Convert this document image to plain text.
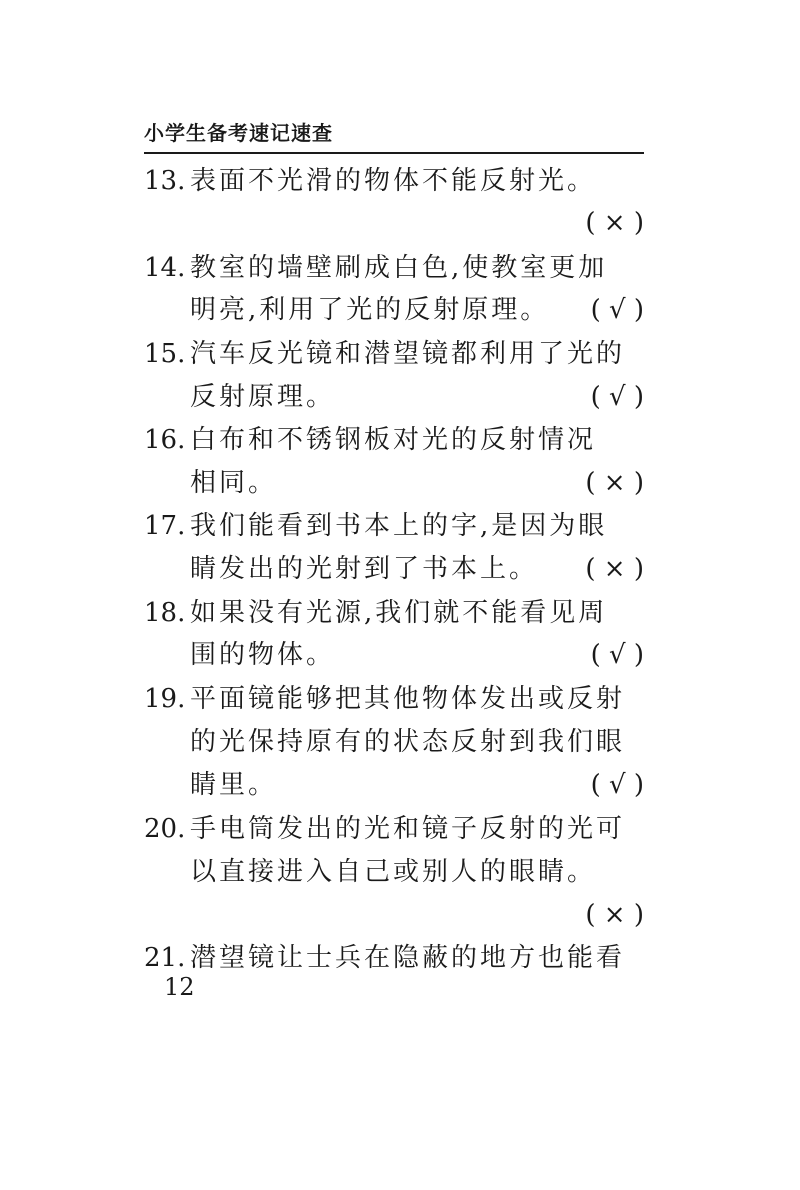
小学生备考速记速查
13. 表面不光滑的物体不能反射光。
( × )
14. 教室的墙壁刷成白色,使教室更加
明亮,利用了光的反射原理。	( √ )
15. 汽车反光镜和潜望镜都利用了光的
反射原理。	( √ )
16. 白布和不锈钢板对光的反射情况
相同。	( × )
17. 我们能看到书本上的字,是因为眼
睛发出的光射到了书本上。	( × )
18. 如果没有光源,我们就不能看见周
围的物体。	( √ )
19. 平面镜能够把其他物体发出或反射
的光保持原有的状态反射到我们眼
睛里。	( √ )
20. 手电筒发出的光和镜子反射的光可
以直接进入自己或别人的眼睛。
( × )
21. 潜望镜让士兵在隐蔽的地方也能看
12
